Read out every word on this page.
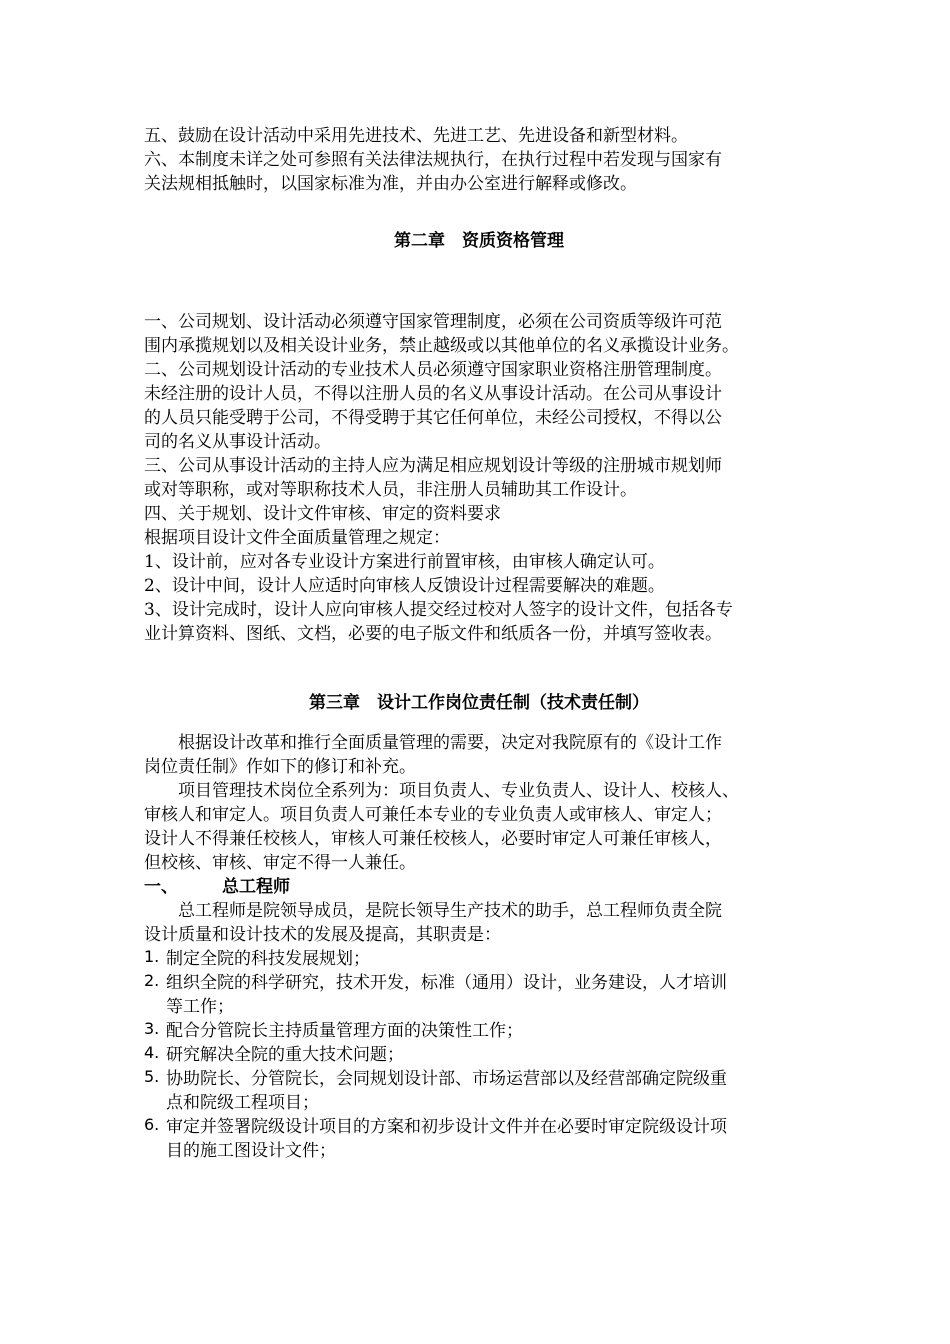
五、鼓励在设计活动中采用先进技术、先进工艺、先进设备和新型材料。

六、本制度未详之处可参照有关法律法规执行，在执行过程中若发现与国家有

关法规相抵触时，以国家标准为准，并由办公室进行解释或修改。

第二章　资质资格管理

一、公司规划、设计活动必须遵守国家管理制度，必须在公司资质等级许可范

围内承揽规划以及相关设计业务，禁止越级或以其他单位的名义承揽设计业务。

二、公司规划设计活动的专业技术人员必须遵守国家职业资格注册管理制度。

未经注册的设计人员，不得以注册人员的名义从事设计活动。在公司从事设计

的人员只能受聘于公司，不得受聘于其它任何单位，未经公司授权，不得以公

司的名义从事设计活动。

三、公司从事设计活动的主持人应为满足相应规划设计等级的注册城市规划师

或对等职称，或对等职称技术人员，非注册人员辅助其工作设计。

四、关于规划、设计文件审核、审定的资料要求

根据项目设计文件全面质量管理之规定：

1、设计前，应对各专业设计方案进行前置审核，由审核人确定认可。

2、设计中间，设计人应适时向审核人反馈设计过程需要解决的难题。

3、设计完成时，设计人应向审核人提交经过校对人签字的设计文件，包括各专

业计算资料、图纸、文档，必要的电子版文件和纸质各一份，并填写签收表。

第三章　设计工作岗位责任制（技术责任制）

根据设计改革和推行全面质量管理的需要，决定对我院原有的《设计工作

岗位责任制》作如下的修订和补充。

项目管理技术岗位全系列为：项目负责人、专业负责人、设计人、校核人、

审核人和审定人。项目负责人可兼任本专业的专业负责人或审核人、审定人；

设计人不得兼任校核人，审核人可兼任校核人，必要时审定人可兼任审核人，

但校核、审核、审定不得一人兼任。

一、	总工程师

总工程师是院领导成员，是院长领导生产技术的助手，总工程师负责全院

设计质量和设计技术的发展及提高，其职责是：

1. 制定全院的科技发展规划；

2. 组织全院的科学研究，技术开发，标准（通用）设计，业务建设，人才培训

等工作；

3. 配合分管院长主持质量管理方面的决策性工作；

4. 研究解决全院的重大技术问题；

5. 协助院长、分管院长，会同规划设计部、市场运营部以及经营部确定院级重

点和院级工程项目；

6. 审定并签署院级设计项目的方案和初步设计文件并在必要时审定院级设计项

目的施工图设计文件；
